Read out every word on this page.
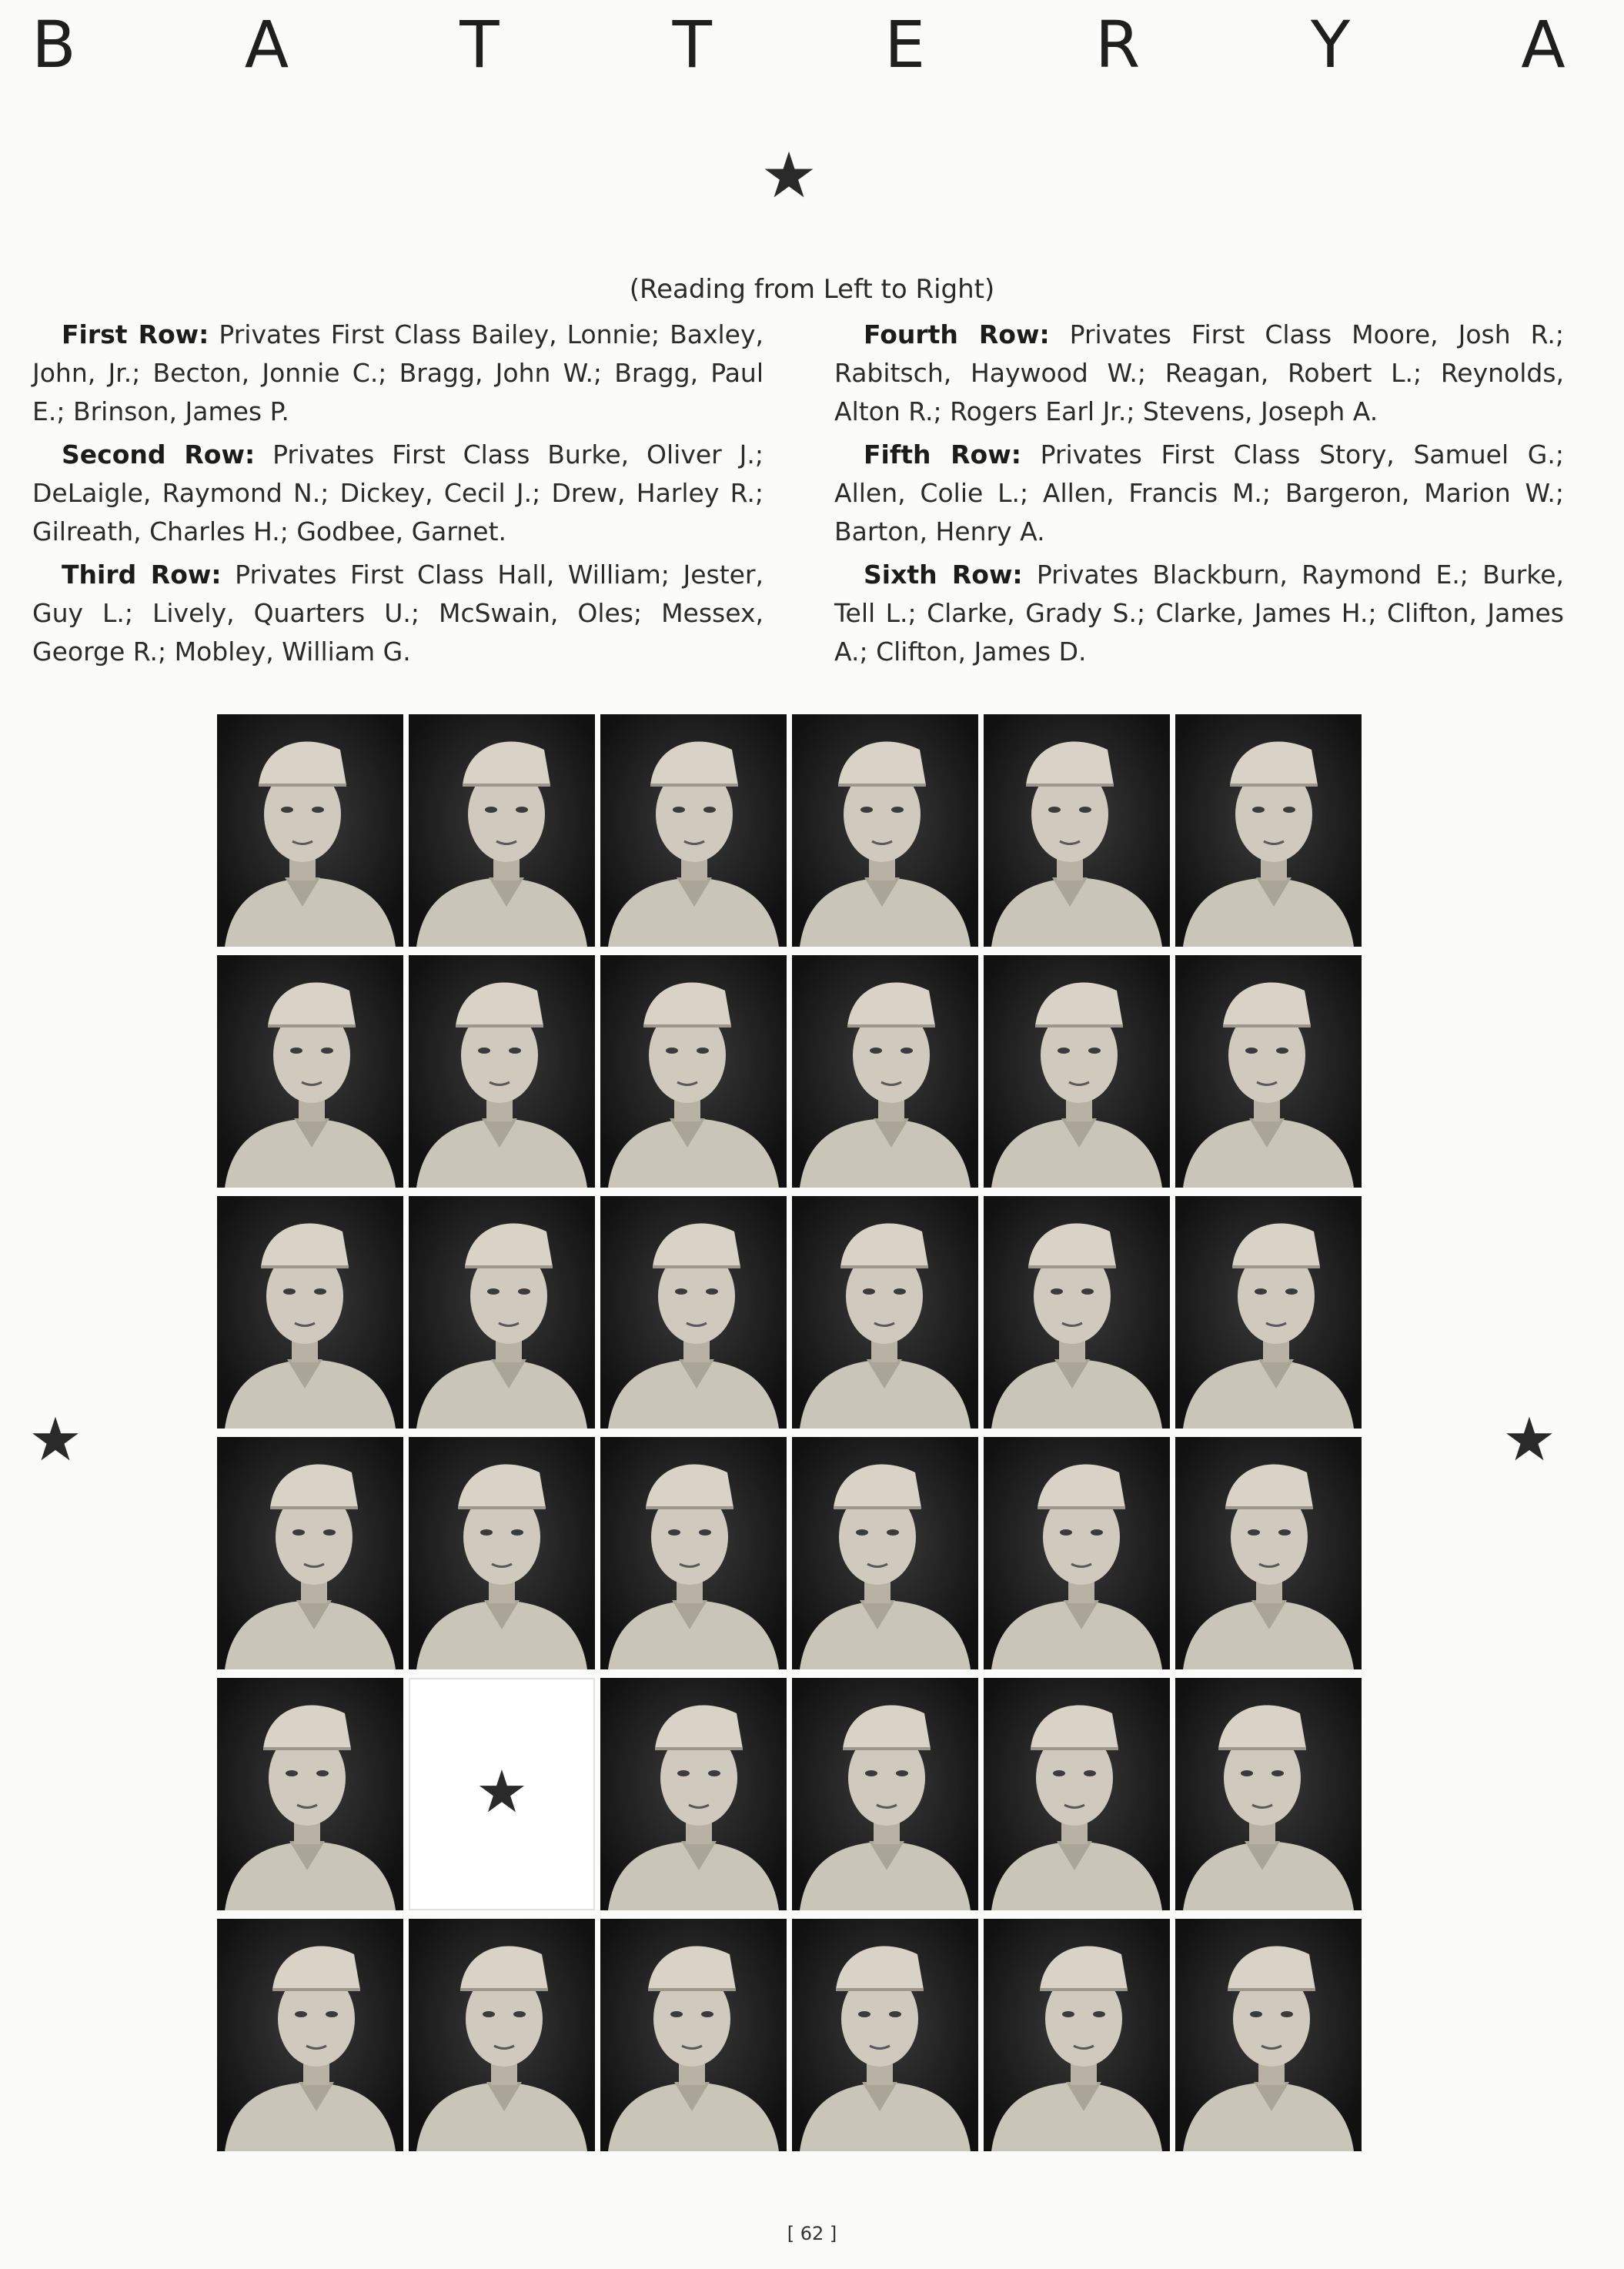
B	A	T	T	E	R	Y	A
★
★	★
(Reading from Left to Right)

First Row: Privates First Class Bailey, Lonnie; Baxley, John, Jr.; Becton, Jonnie C.; Bragg, John W.; Bragg, Paul E.; Brinson, James P.

Second Row: Privates First Class Burke, Oliver J.; DeLaigle, Raymond N.; Dickey, Cecil J.; Drew, Harley R.; Gilreath, Charles H.; Godbee, Garnet.

Third Row: Privates First Class Hall, William; Jester, Guy L.; Lively, Quarters U.; McSwain, Oles; Messex, George R.; Mobley, William G.

Fourth Row: Privates First Class Moore, Josh R.; Rabitsch, Haywood W.; Reagan, Robert L.; Reynolds, Alton R.; Rogers Earl Jr.; Stevens, Joseph A.

Fifth Row: Privates First Class Story, Samuel G.; Allen, Colie L.; Allen, Francis M.; Bargeron, Marion W.; Barton, Henry A.

Sixth Row: Privates Blackburn, Raymond E.; Burke, Tell L.; Clarke, Grady S.; Clarke, James H.; Clifton, James A.; Clifton, James D.

★
[ 62 ]
